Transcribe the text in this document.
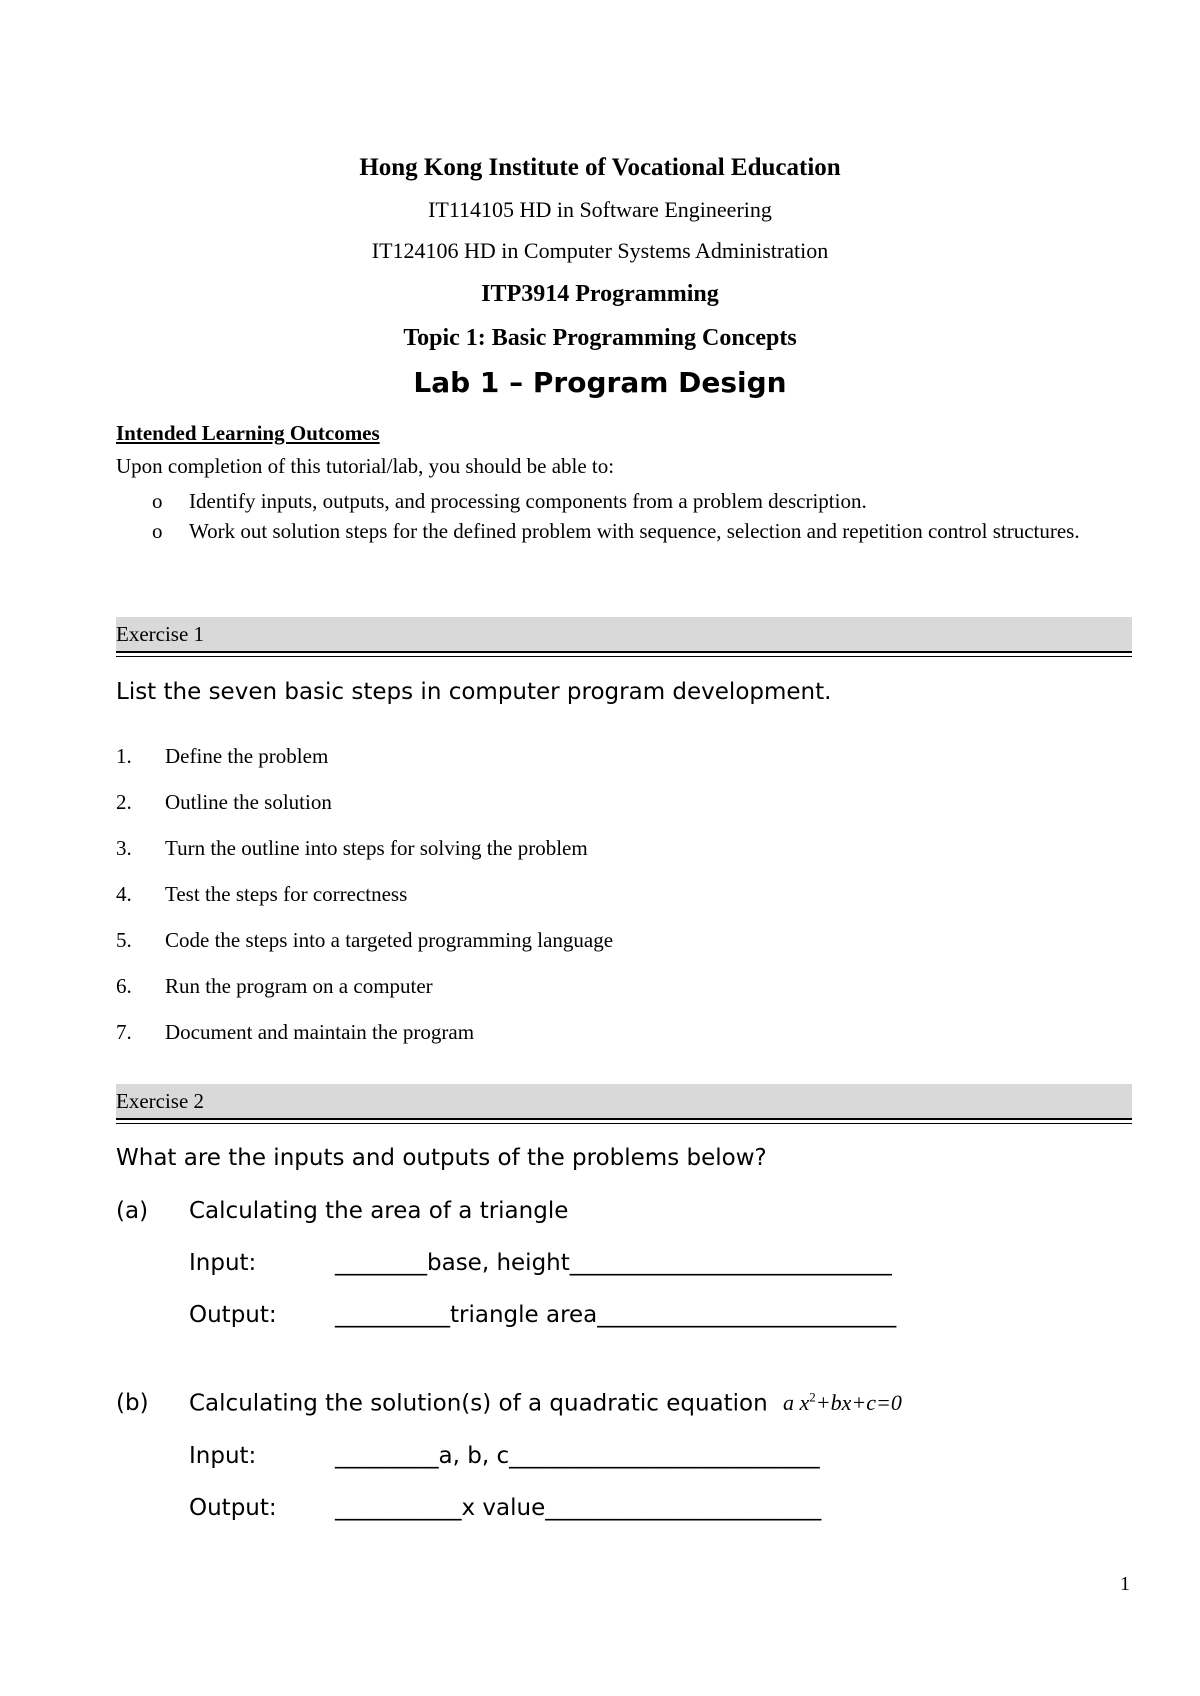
Hong Kong Institute of Vocational Education
IT114105 HD in Software Engineering
IT124106 HD in Computer Systems Administration
ITP3914 Programming
Topic 1: Basic Programming Concepts
Lab 1 – Program Design
Intended Learning Outcomes
Upon completion of this tutorial/lab, you should be able to:
o Identify inputs, outputs, and processing components from a problem description.
o Work out solution steps for the defined problem with sequence, selection and repetition control structures.
Exercise 1
List the seven basic steps in computer program development.
1. Define the problem
2. Outline the solution
3. Turn the outline into steps for solving the problem
4. Test the steps for correctness
5. Code the steps into a targeted programming language
6. Run the program on a computer
7. Document and maintain the program
Exercise 2
What are the inputs and outputs of the problems below?
(a) Calculating the area of a triangle
Input:	________base, height____________________________
Output:	__________triangle area__________________________
(b) Calculating the solution(s) of a quadratic equation a $x^2+bx+c=0$
Input:	_________a, b, c___________________________
Output:	___________x value________________________
1
